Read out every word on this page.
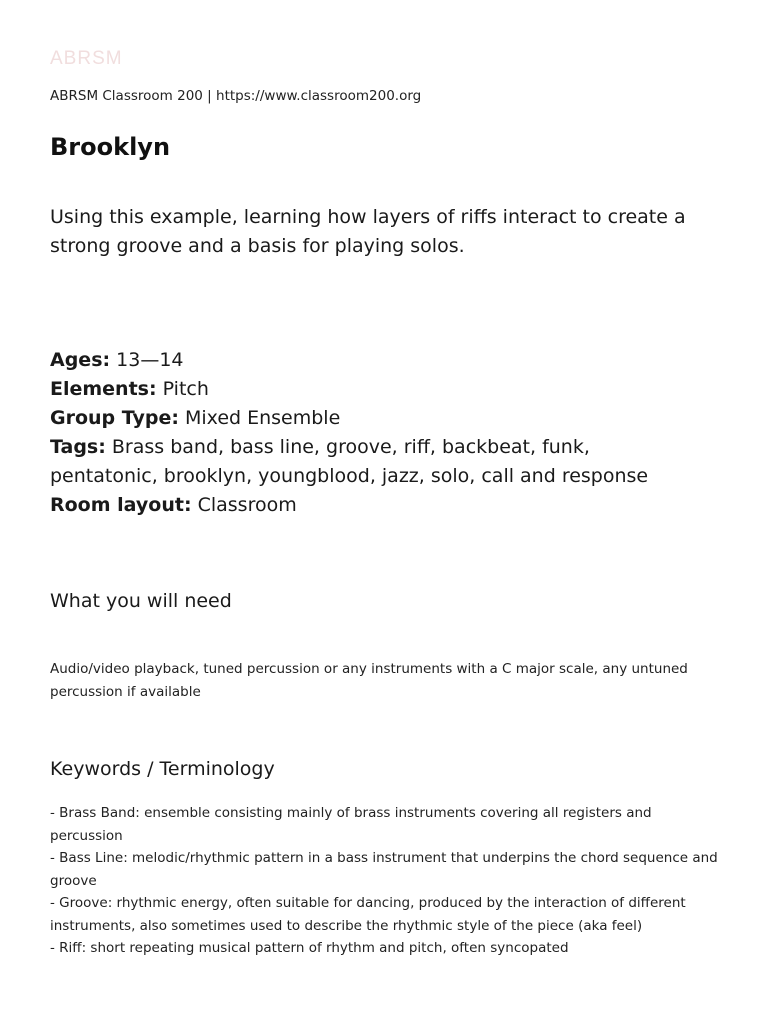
ABRSM
ABRSM Classroom 200 | https://www.classroom200.org
Brooklyn

Using this example, learning how layers of riffs interact to create a strong groove and a basis for playing solos.

Ages: 13—14
Elements: Pitch
Group Type: Mixed Ensemble
Tags: Brass band, bass line, groove, riff, backbeat, funk, pentatonic, brooklyn, youngblood, jazz, solo, call and response
Room layout: Classroom
What you will need

Audio/video playback, tuned percussion or any instruments with a C major scale, any untuned percussion if available

Keywords / Terminology
- Brass Band: ensemble consisting mainly of brass instruments covering all registers and percussion
- Bass Line: melodic/rhythmic pattern in a bass instrument that underpins the chord sequence and groove
- Groove: rhythmic energy, often suitable for dancing, produced by the interaction of different instruments, also sometimes used to describe the rhythmic style of the piece (aka feel)
- Riff: short repeating musical pattern of rhythm and pitch, often syncopated
